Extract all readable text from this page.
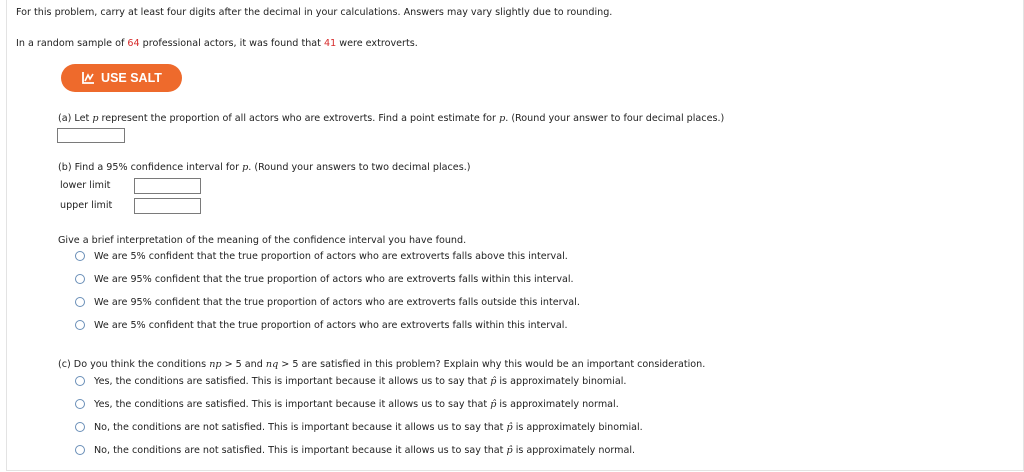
For this problem, carry at least four digits after the decimal in your calculations. Answers may vary slightly due to rounding.
In a random sample of 64 professional actors, it was found that 41 were extroverts.
USE SALT
(a) Let p represent the proportion of all actors who are extroverts. Find a point estimate for p. (Round your answer to four decimal places.)
(b) Find a 95% confidence interval for p. (Round your answers to two decimal places.)
lower limit
upper limit
Give a brief interpretation of the meaning of the confidence interval you have found.
We are 5% confident that the true proportion of actors who are extroverts falls above this interval.
We are 95% confident that the true proportion of actors who are extroverts falls within this interval.
We are 95% confident that the true proportion of actors who are extroverts falls outside this interval.
We are 5% confident that the true proportion of actors who are extroverts falls within this interval.
(c) Do you think the conditions np > 5 and nq > 5 are satisfied in this problem? Explain why this would be an important consideration.
Yes, the conditions are satisfied. This is important because it allows us to say that p̂ is approximately binomial.
Yes, the conditions are satisfied. This is important because it allows us to say that p̂ is approximately normal.
No, the conditions are not satisfied. This is important because it allows us to say that p̂ is approximately binomial.
No, the conditions are not satisfied. This is important because it allows us to say that p̂ is approximately normal.
